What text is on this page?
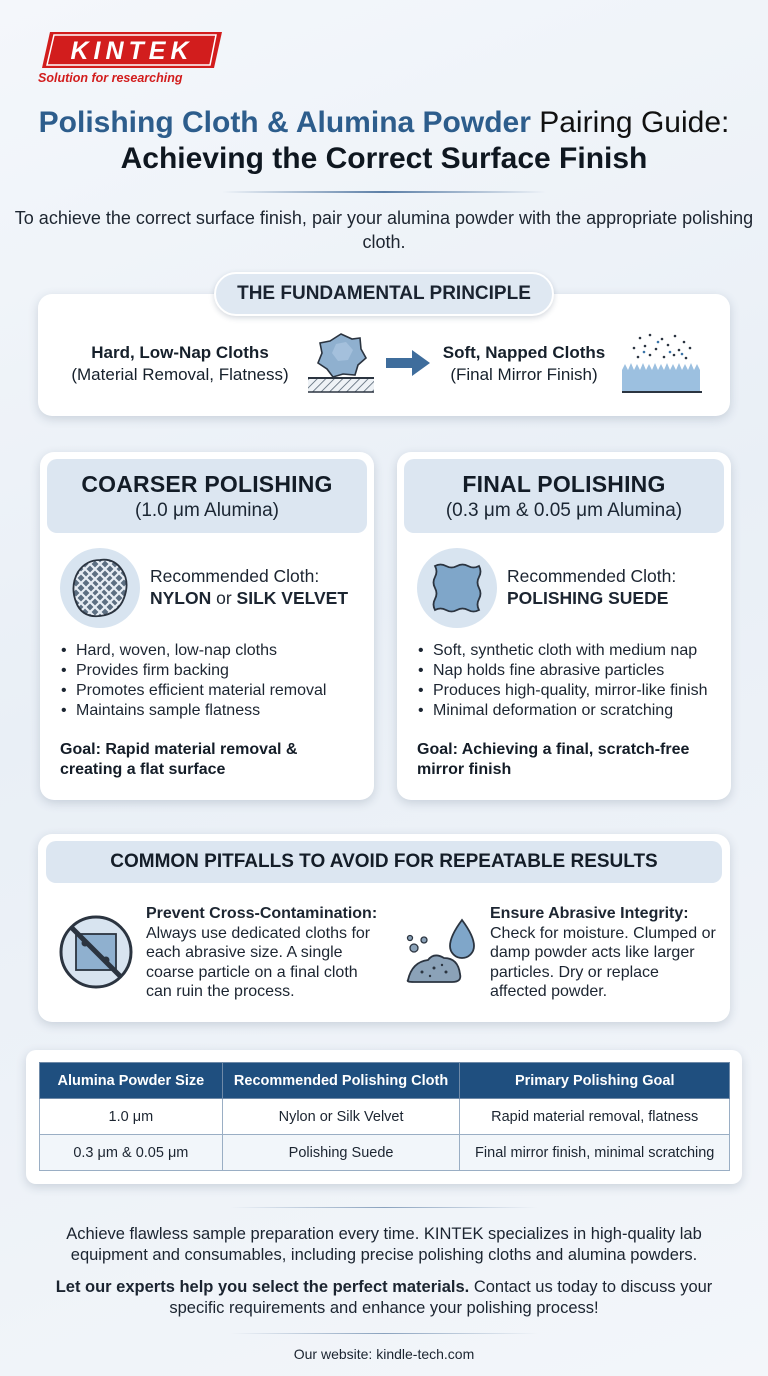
KINTEK
Solution for researching
Polishing Cloth & Alumina Powder Pairing Guide:
Achieving the Correct Surface Finish
To achieve the correct surface finish, pair your alumina powder with the appropriate polishing cloth.
THE FUNDAMENTAL PRINCIPLE
Hard, Low-Nap Cloths
(Material Removal, Flatness)
Soft, Napped Cloths
(Final Mirror Finish)
COARSER POLISHING
(1.0 μm Alumina)
Recommended Cloth:
NYLON or SILK VELVET
• Hard, woven, low-nap cloths
• Provides firm backing
• Promotes efficient material removal
• Maintains sample flatness
Goal: Rapid material removal & creating a flat surface
FINAL POLISHING
(0.3 μm & 0.05 μm Alumina)
Recommended Cloth:
POLISHING SUEDE
• Soft, synthetic cloth with medium nap
• Nap holds fine abrasive particles
• Produces high-quality, mirror-like finish
• Minimal deformation or scratching
Goal: Achieving a final, scratch-free mirror finish
COMMON PITFALLS TO AVOID FOR REPEATABLE RESULTS
Prevent Cross-Contamination:
Always use dedicated cloths for each abrasive size. A single coarse particle on a final cloth can ruin the process.
Ensure Abrasive Integrity:
Check for moisture. Clumped or damp powder acts like larger particles. Dry or replace affected powder.
Alumina Powder Size	Recommended Polishing Cloth	Primary Polishing Goal
1.0 μm	Nylon or Silk Velvet	Rapid material removal, flatness
0.3 μm & 0.05 μm	Polishing Suede	Final mirror finish, minimal scratching
Achieve flawless sample preparation every time. KINTEK specializes in high-quality lab equipment and consumables, including precise polishing cloths and alumina powders.
Let our experts help you select the perfect materials. Contact us today to discuss your specific requirements and enhance your polishing process!
Our website: kindle-tech.com
